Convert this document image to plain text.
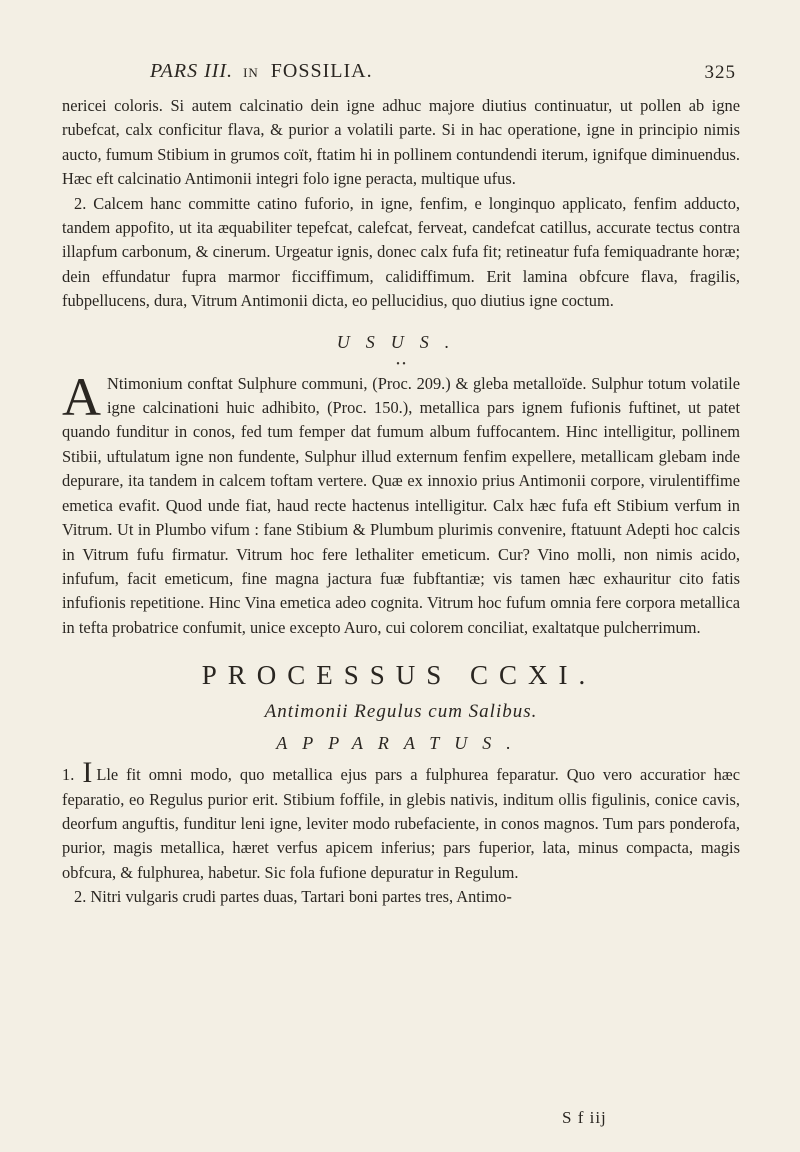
PARS III. IN FOSSILIA.	325

nericei coloris. Si autem calcinatio dein igne adhuc majore diutius continuatur, ut pollen ab igne rubefcat, calx conficitur flava, & purior a volatili parte. Si in hac operatione, igne in principio nimis aucto, fumum Stibium in grumos coït, ftatim hi in pollinem contundendi iterum, ignifque diminuendus. Hæc eft calcinatio Antimonii integri folo igne peracta, multique ufus.

2. Calcem hanc committe catino fuforio, in igne, fenfim, e longinquo applicato, fenfim adducto, tandem appofito, ut ita æquabiliter tepefcat, calefcat, ferveat, candefcat catillus, accurate tectus contra illapfum carbonum, & cinerum. Urgeatur ignis, donec calx fufa fit; retineatur fufa femiquadrante horæ; dein effundatur fupra marmor ficciffimum, calidiffimum. Erit lamina obfcure flava, fragilis, fubpellucens, dura, Vitrum Antimonii dicta, eo pellucidius, quo diutius igne coctum.

USUS.
• •

A Ntimonium conftat Sulphure communi, (Proc. 209.) & gleba metalloïde. Sulphur totum volatile igne calcinationi huic adhibito, (Proc. 150.), metallica pars ignem fufionis fuftinet, ut patet quando funditur in conos, fed tum femper dat fumum album fuffocantem. Hinc intelligitur, pollinem Stibii, uftulatum igne non fundente, Sulphur illud externum fenfim expellere, metallicam glebam inde depurare, ita tandem in calcem toftam vertere. Quæ ex innoxio prius Antimonii corpore, virulentiffime emetica evafit. Quod unde fiat, haud recte hactenus intelligitur. Calx hæc fufa eft Stibium verfum in Vitrum. Ut in Plumbo vifum : fane Stibium & Plumbum plurimis convenire, ftatuunt Adepti hoc calcis in Vitrum fufu firmatur. Vitrum hoc fere lethaliter emeticum. Cur? Vino molli, non nimis acido, infufum, facit emeticum, fine magna jactura fuæ fubftantiæ; vis tamen hæc exhauritur cito fatis infufionis repetitione. Hinc Vina emetica adeo cognita. Vitrum hoc fufum omnia fere corpora metallica in tefta probatrice confumit, unice excepto Auro, cui colorem conciliat, exaltatque pulcherrimum.

PROCESSUS CCXI.
Antimonii Regulus cum Salibus.
APPARATUS.

1. I Lle fit omni modo, quo metallica ejus pars a fulphurea feparatur. Quo vero accuratior hæc feparatio, eo Regulus purior erit. Stibium foffile, in glebis nativis, inditum ollis figulinis, conice cavis, deorfum anguftis, funditur leni igne, leviter modo rubefaciente, in conos magnos. Tum pars ponderofa, purior, magis metallica, hæret verfus apicem inferius; pars fuperior, lata, minus compacta, magis obfcura, & fulphurea, habetur. Sic fola fufione depuratur in Regulum.

2. Nitri vulgaris crudi partes duas, Tartari boni partes tres, Antimo-

S f iij
